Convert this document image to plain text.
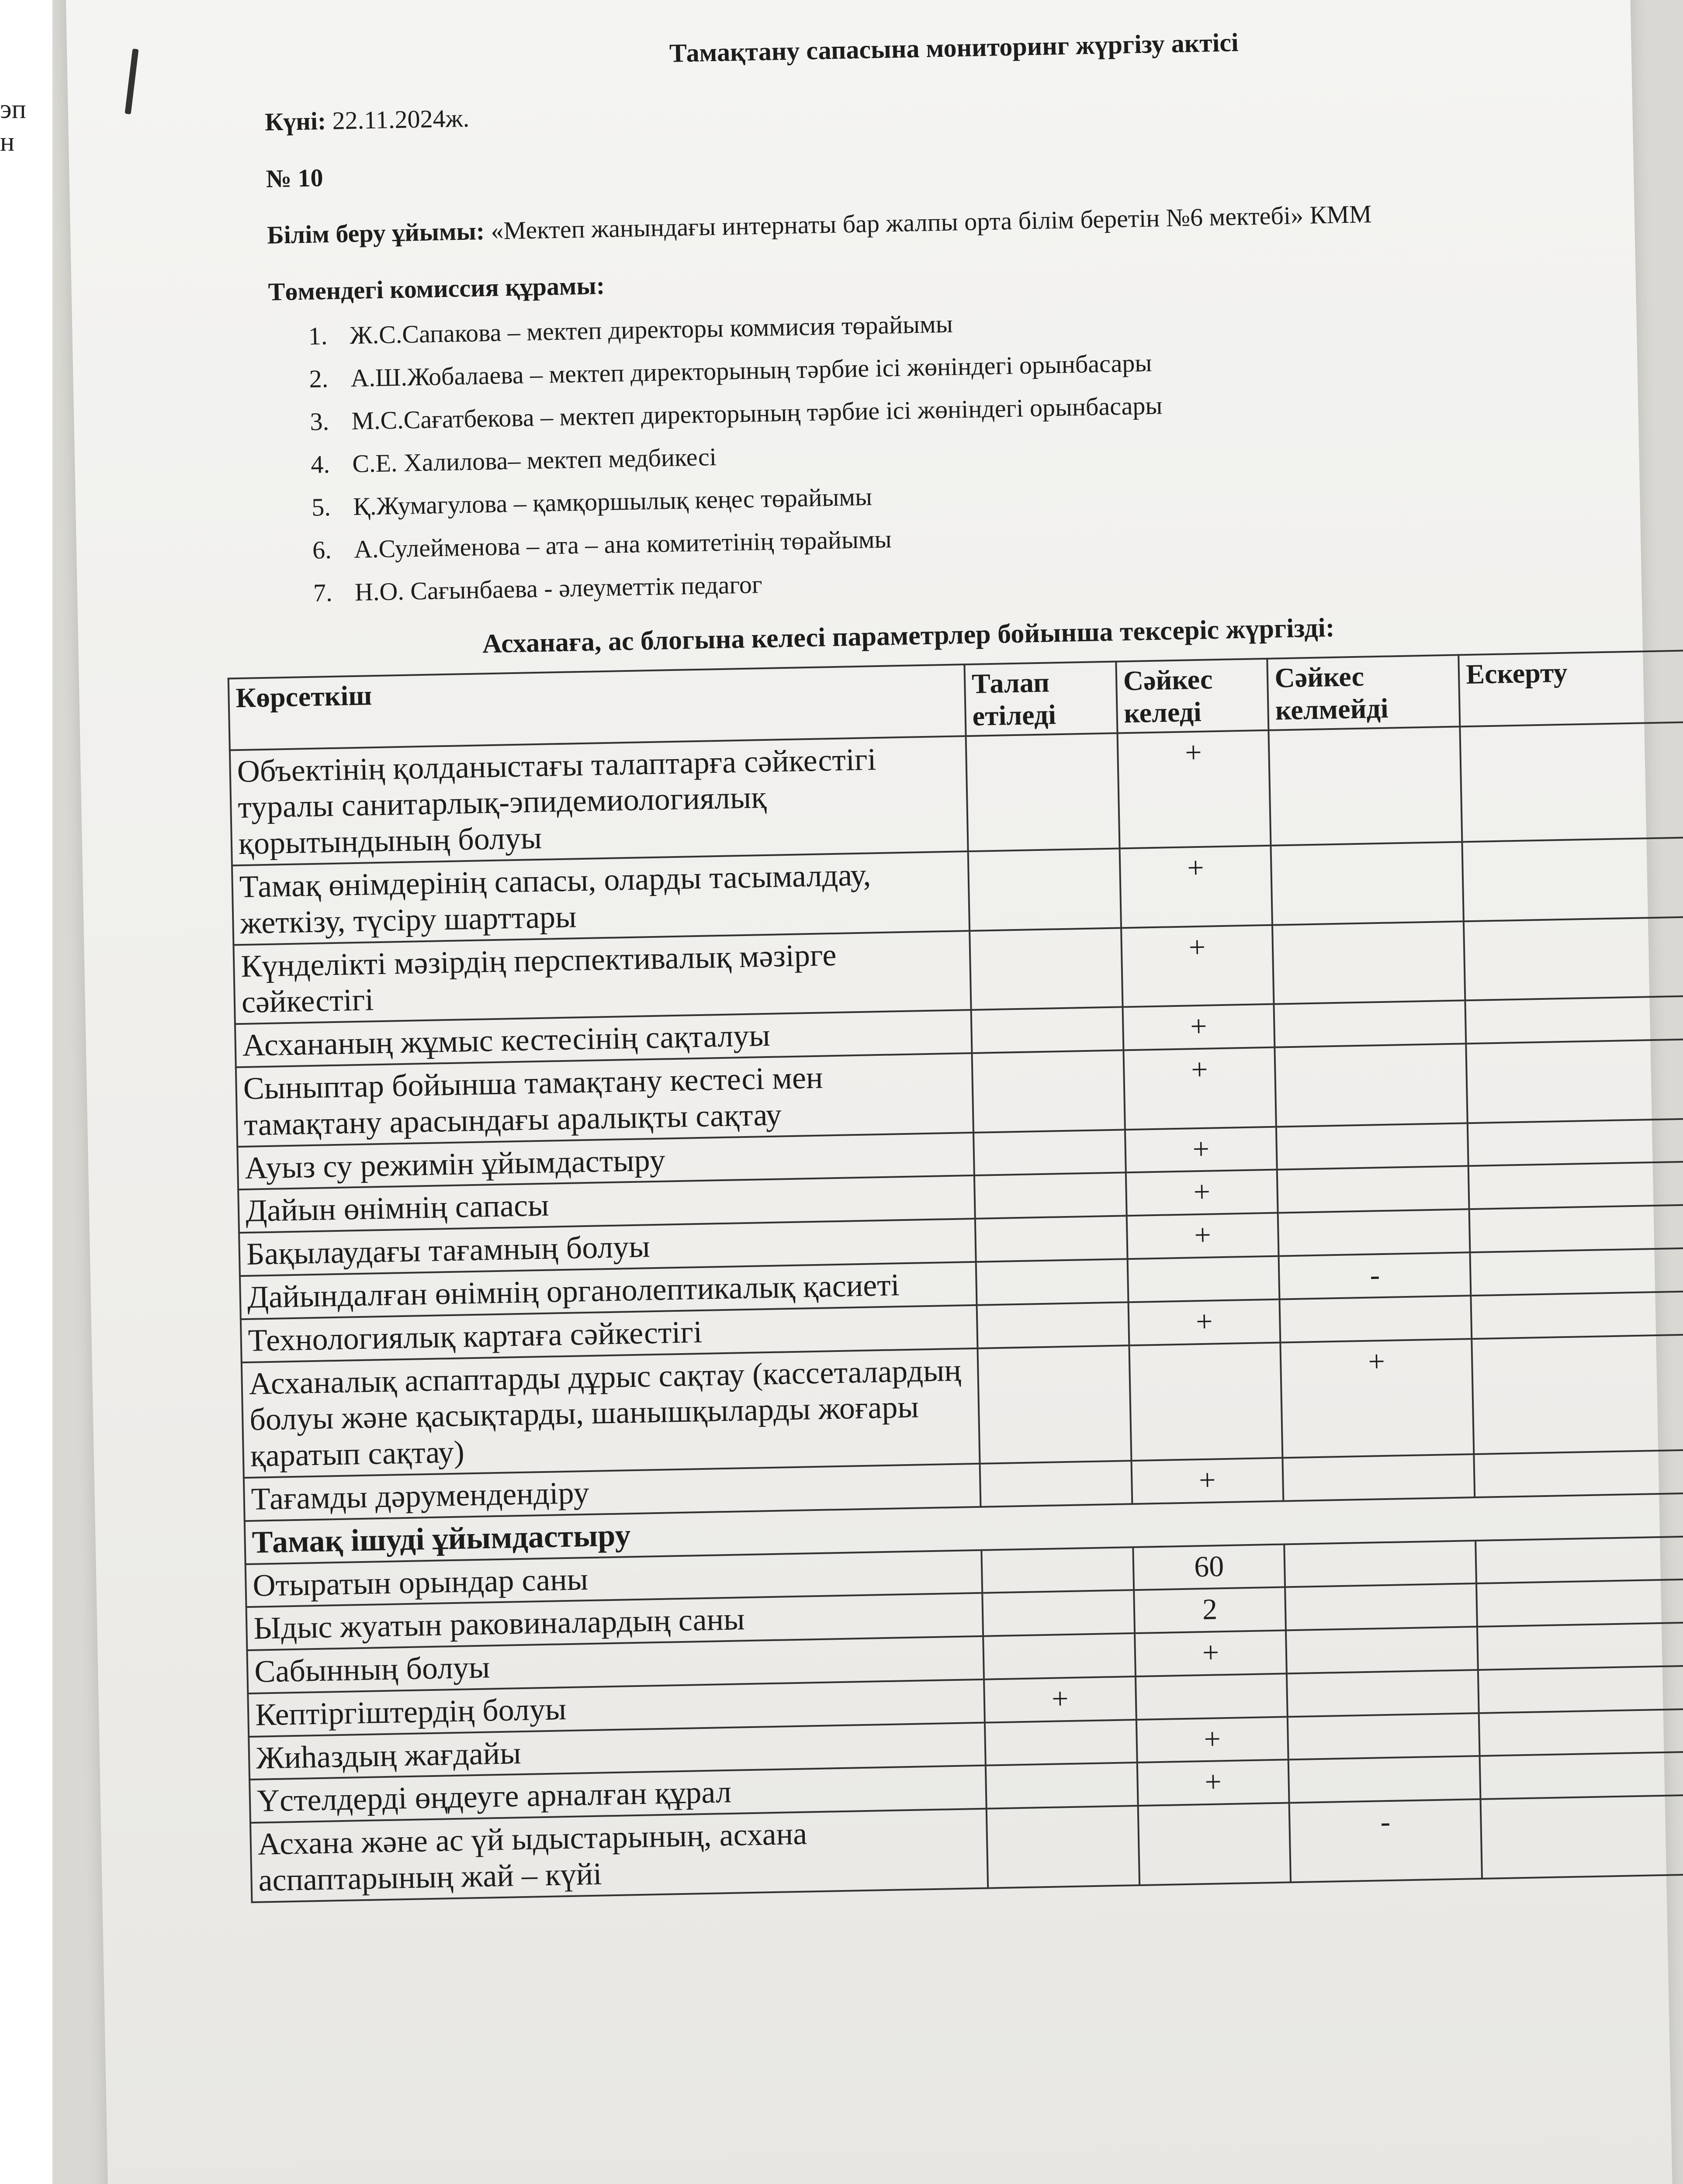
эп
н
Тамақтану сапасына мониторинг жүргізу актісі
Күні: 22.11.2024ж.
№ 10
Білім беру ұйымы: «Мектеп жанындағы интернаты бар жалпы орта білім беретін №6 мектебі» КММ
Төмендегі комиссия құрамы:
1. Ж.С.Сапакова – мектеп директоры коммисия төрайымы
2. А.Ш.Жобалаева – мектеп директорының тәрбие ісі жөніндегі орынбасары
3. М.С.Сағатбекова – мектеп директорының тәрбие ісі жөніндегі орынбасары
4. С.Е. Халилова– мектеп медбикесі
5. Қ.Жумагулова – қамқоршылық кеңес төрайымы
6. А.Сулейменова – ата – ана комитетінің төрайымы
7. Н.О. Сағынбаева - әлеуметтік педагог
Асханаға, ас блогына келесі параметрлер бойынша тексеріс жүргізді:
Көрсеткіш	Талап етіледі	Сәйкес келеді	Сәйкес келмейді	Ескерту
Объектінің қолданыстағы талаптарға сәйкестігі туралы санитарлық-эпидемиологиялық қорытындының болуы		+		
Тамақ өнімдерінің сапасы, оларды тасымалдау, жеткізу, түсіру шарттары		+		
Күнделікті мәзірдің перспективалық мәзірге сәйкестігі		+		
Асхананың жұмыс кестесінің сақталуы		+		
Сыныптар бойынша тамақтану кестесі мен тамақтану арасындағы аралықты сақтау		+		
Ауыз су режимін ұйымдастыру		+		
Дайын өнімнің сапасы		+		
Бақылаудағы тағамның болуы		+		
Дайындалған өнімнің органолептикалық қасиеті			-	
Технологиялық картаға сәйкестігі		+		
Асханалық аспаптарды дұрыс сақтау (кассеталардың болуы және қасықтарды, шанышқыларды жоғары қаратып сақтау)			+	
Тағамды дәрумендендіру		+		
Тамақ ішуді ұйымдастыру				
Отыратын орындар саны		60		
Ыдыс жуатын раковиналардың саны		2		
Сабынның болуы		+		
Кептіргіштердің болуы	+			
Жиһаздың жағдайы		+		
Үстелдерді өңдеуге арналған құрал		+		
Асхана және ас үй ыдыстарының, асхана аспаптарының жай – күйі			-	
